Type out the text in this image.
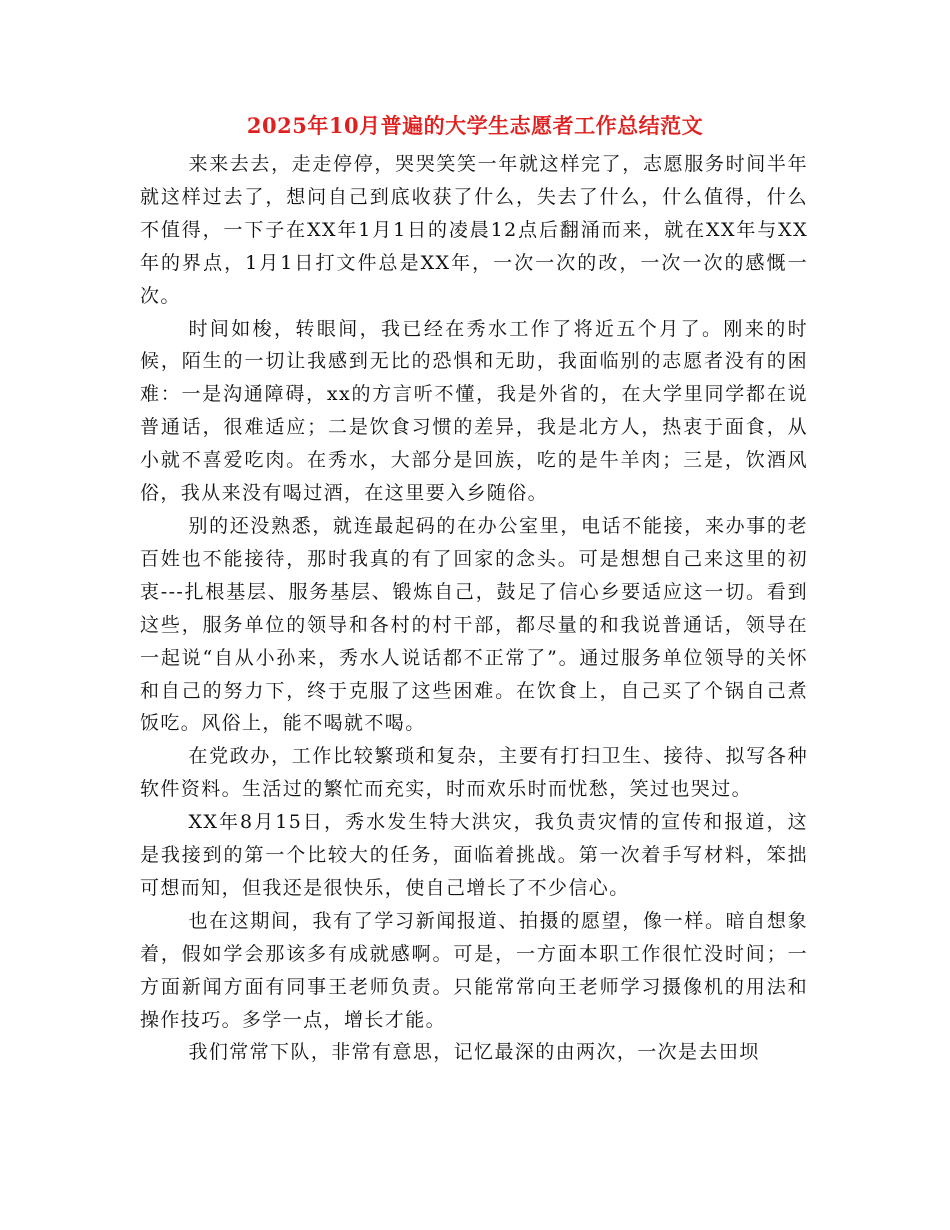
2025年10月普遍的大学生志愿者工作总结范文

来来去去，走走停停，哭哭笑笑一年就这样完了，志愿服务时间半年就这样过去了，想问自己到底收获了什么，失去了什么，什么值得，什么不值得，一下子在XX年1月1日的凌晨12点后翻涌而来，就在XX年与XX年的界点，1月1日打文件总是XX年，一次一次的改，一次一次的感慨一次。

时间如梭，转眼间，我已经在秀水工作了将近五个月了。刚来的时候，陌生的一切让我感到无比的恐惧和无助，我面临别的志愿者没有的困难：一是沟通障碍，xx的方言听不懂，我是外省的，在大学里同学都在说普通话，很难适应；二是饮食习惯的差异，我是北方人，热衷于面食，从小就不喜爱吃肉。在秀水，大部分是回族，吃的是牛羊肉；三是，饮酒风俗，我从来没有喝过酒，在这里要入乡随俗。

别的还没熟悉，就连最起码的在办公室里，电话不能接，来办事的老百姓也不能接待，那时我真的有了回家的念头。可是想想自己来这里的初衷---扎根基层、服务基层、锻炼自己，鼓足了信心乡要适应这一切。看到这些，服务单位的领导和各村的村干部，都尽量的和我说普通话，领导在一起说“自从小孙来，秀水人说话都不正常了”。通过服务单位领导的关怀和自己的努力下，终于克服了这些困难。在饮食上，自己买了个锅自己煮饭吃。风俗上，能不喝就不喝。

在党政办，工作比较繁琐和复杂，主要有打扫卫生、接待、拟写各种软件资料。生活过的繁忙而充实，时而欢乐时而忧愁，笑过也哭过。

XX年8月15日，秀水发生特大洪灾，我负责灾情的宣传和报道，这是我接到的第一个比较大的任务，面临着挑战。第一次着手写材料，笨拙可想而知，但我还是很快乐，使自己增长了不少信心。

也在这期间，我有了学习新闻报道、拍摄的愿望，像一样。暗自想象着，假如学会那该多有成就感啊。可是，一方面本职工作很忙没时间；一方面新闻方面有同事王老师负责。只能常常向王老师学习摄像机的用法和操作技巧。多学一点，增长才能。

我们常常下队，非常有意思，记忆最深的由两次，一次是去田坝
